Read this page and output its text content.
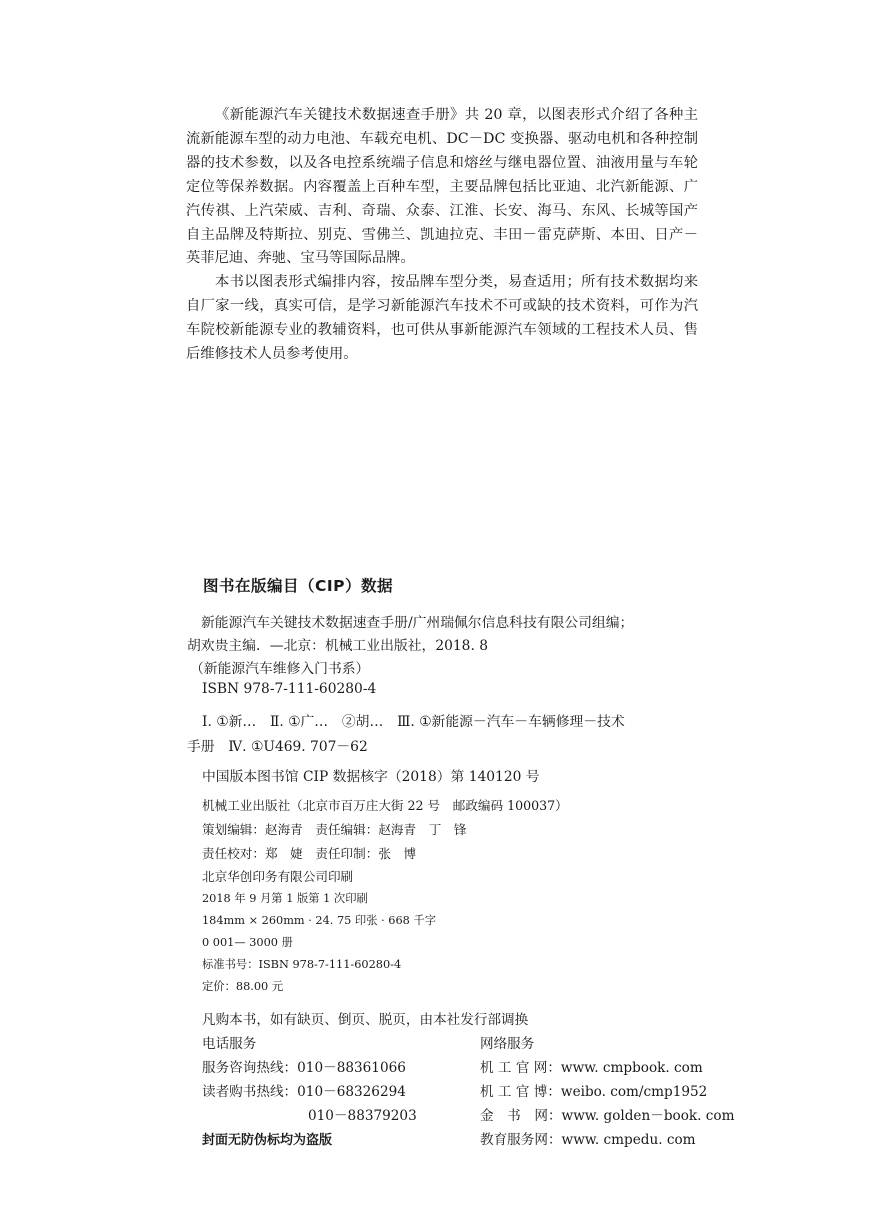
《新能源汽车关键技术数据速查手册》共 20 章，以图表形式介绍了各种主流新能源车型的动力电池、车载充电机、DC－DC 变换器、驱动电机和各种控制器的技术参数，以及各电控系统端子信息和熔丝与继电器位置、油液用量与车轮定位等保养数据。内容覆盖上百种车型，主要品牌包括比亚迪、北汽新能源、广汽传祺、上汽荣威、吉利、奇瑞、众泰、江淮、长安、海马、东风、长城等国产自主品牌及特斯拉、别克、雪佛兰、凯迪拉克、丰田－雷克萨斯、本田、日产－英菲尼迪、奔驰、宝马等国际品牌。

本书以图表形式编排内容，按品牌车型分类，易查适用；所有技术数据均来自厂家一线，真实可信，是学习新能源汽车技术不可或缺的技术资料，可作为汽车院校新能源专业的教辅资料，也可供从事新能源汽车领域的工程技术人员、售后维修技术人员参考使用。

图书在版编目（CIP）数据
新能源汽车关键技术数据速查手册/广州瑞佩尔信息科技有限公司组编；
胡欢贵主编．—北京：机械工业出版社，2018. 8
（新能源汽车维修入门书系）
ISBN 978-7-111-60280-4
Ⅰ. ①新…　Ⅱ. ①广…　②胡…　Ⅲ. ①新能源－汽车－车辆修理－技术
手册　Ⅳ. ①U469. 707－62
中国版本图书馆 CIP 数据核字（2018）第 140120 号
机械工业出版社（北京市百万庄大街 22 号　邮政编码 100037）
策划编辑：赵海青　责任编辑：赵海青　丁　锋
责任校对：郑　婕　责任印制：张　博
北京华创印务有限公司印刷
2018 年 9 月第 1 版第 1 次印刷
184mm × 260mm · 24. 75 印张 · 668 千字
0 001— 3000 册
标准书号：ISBN 978-7-111-60280-4
定价：88.00 元
凡购本书，如有缺页、倒页、脱页，由本社发行部调换
电话服务
服务咨询热线：010－88361066
读者购书热线：010－68326294
010－88379203
网络服务
机 工 官 网：www. cmpbook. com
机 工 官 博：weibo. com/cmp1952
金　书　网：www. golden－book. com
教育服务网：www. cmpedu. com
封面无防伪标均为盗版
